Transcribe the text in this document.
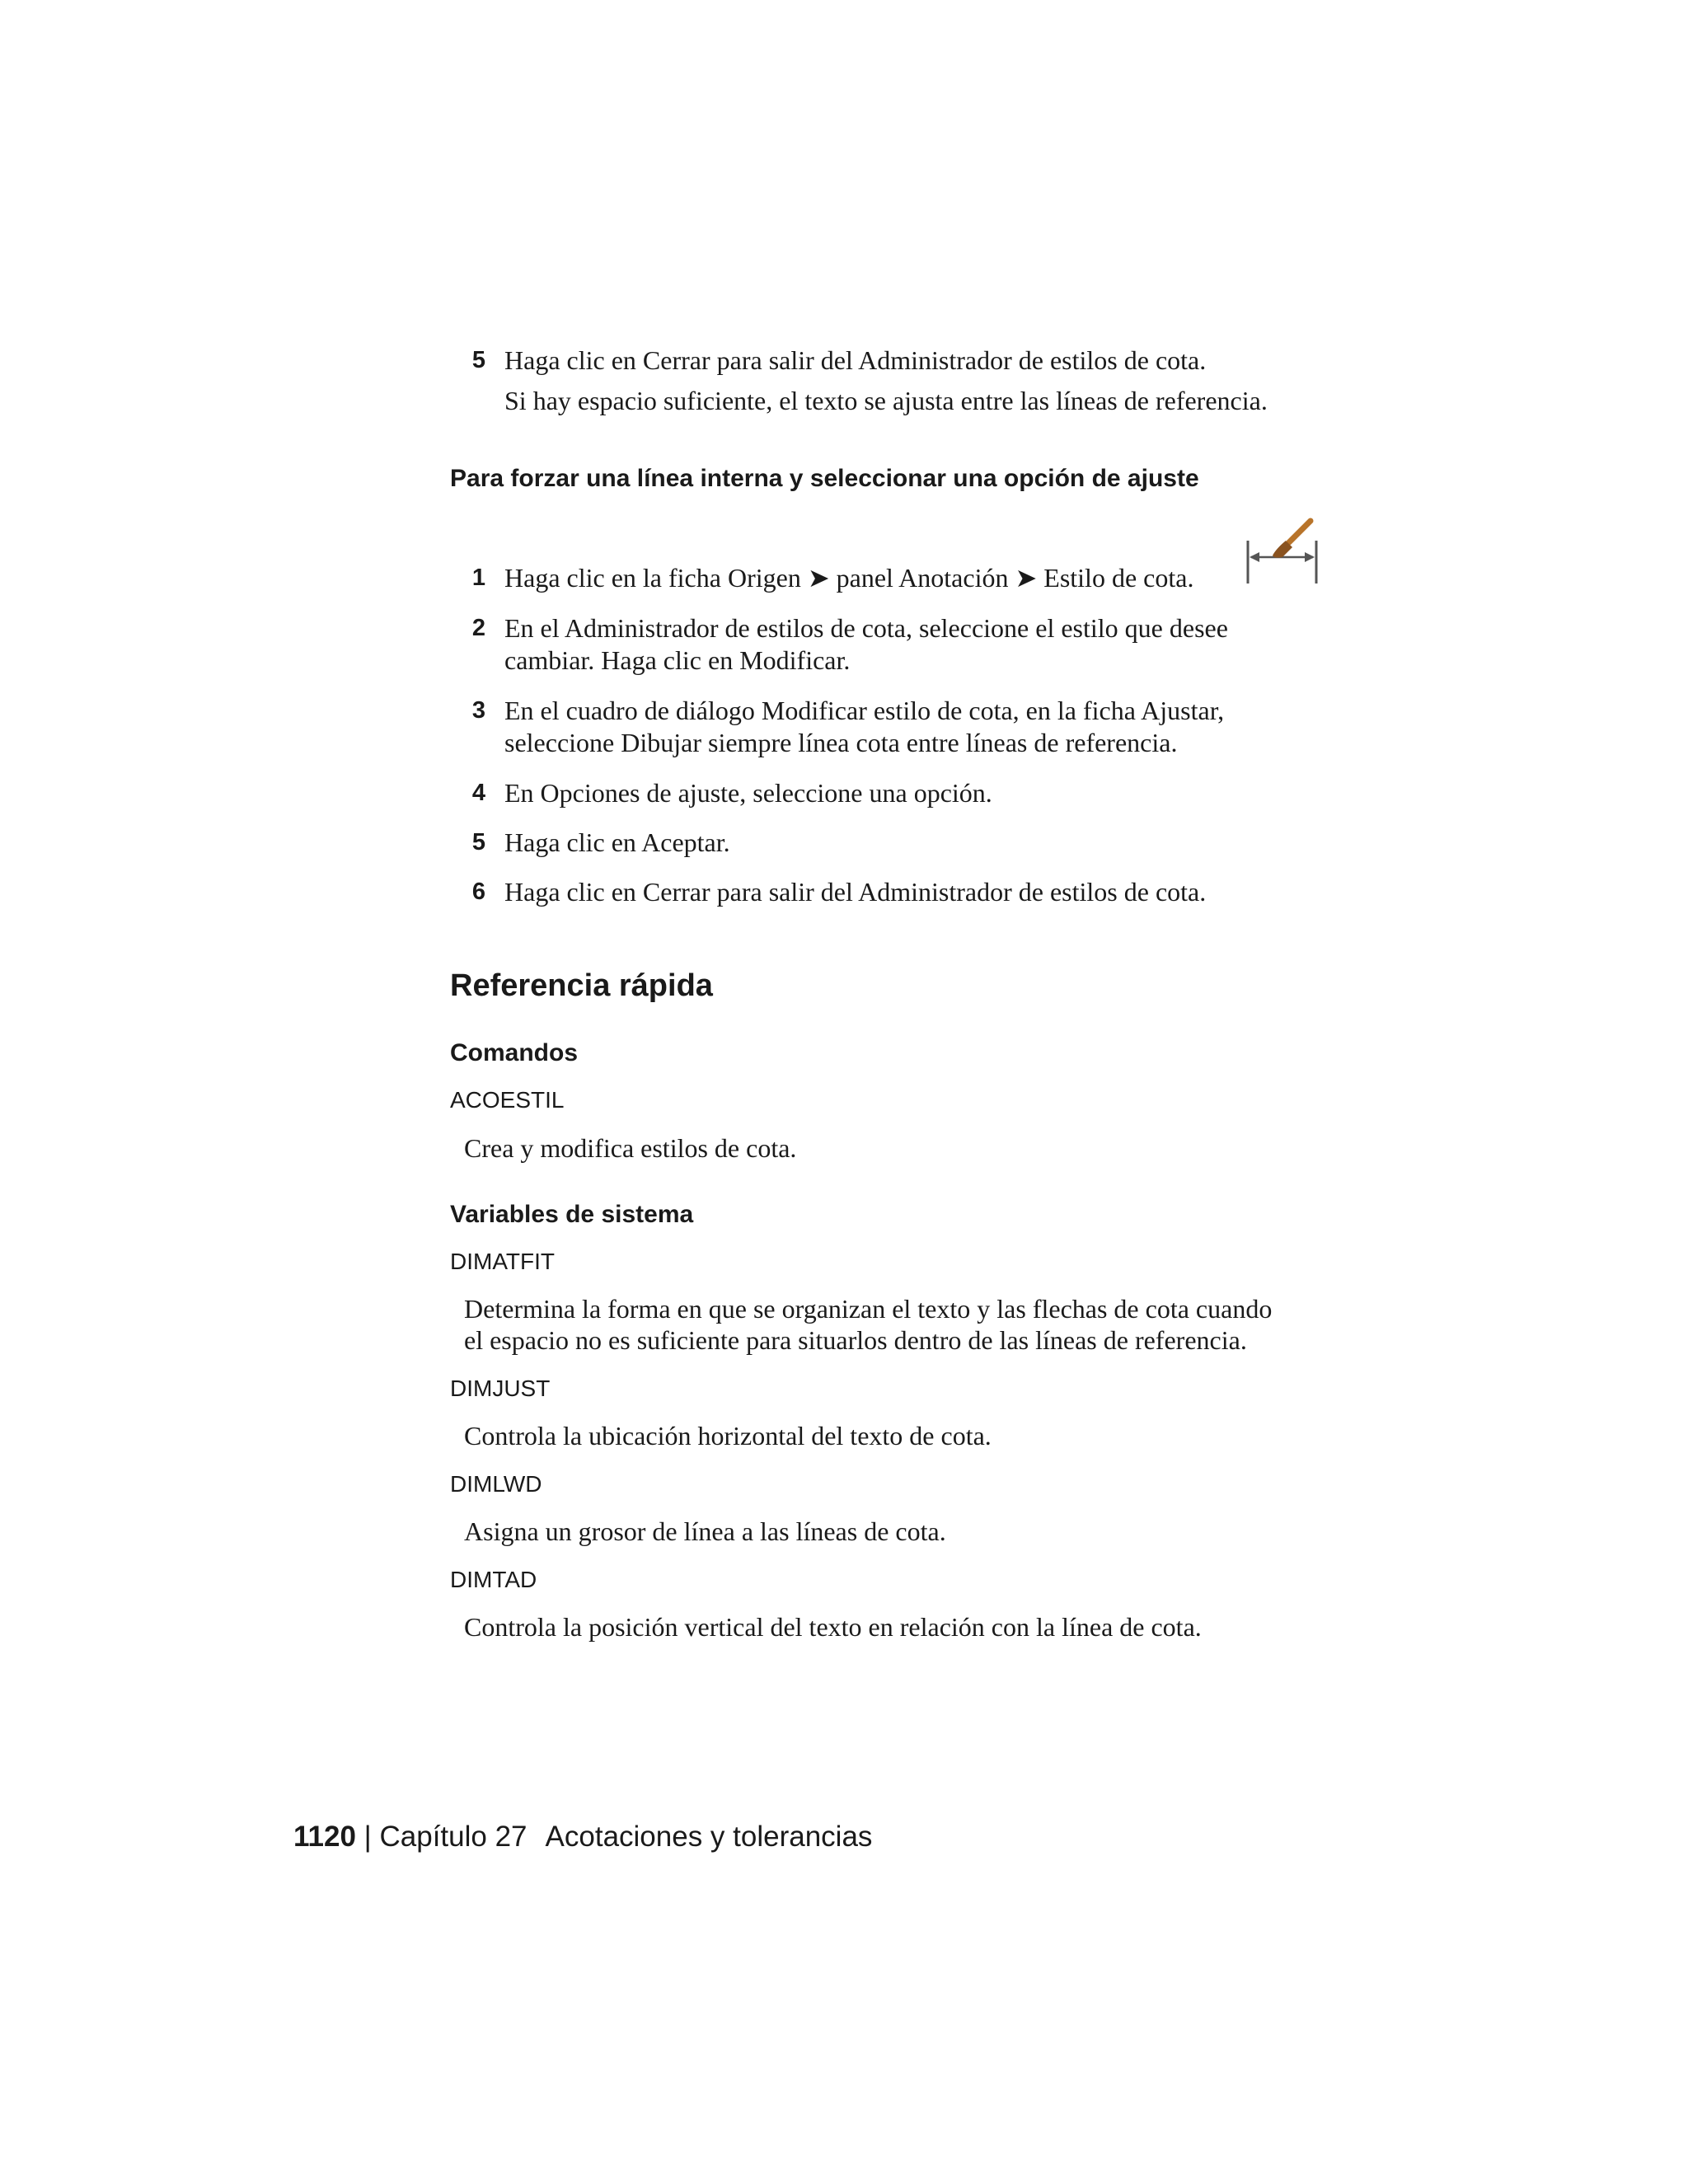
5 Haga clic en Cerrar para salir del Administrador de estilos de cota.
Si hay espacio suficiente, el texto se ajusta entre las líneas de referencia.
Para forzar una línea interna y seleccionar una opción de ajuste
1 Haga clic en la ficha Origen ➤ panel Anotación ➤ Estilo de cota.
2 En el Administrador de estilos de cota, seleccione el estilo que desee
cambiar. Haga clic en Modificar.
3 En el cuadro de diálogo Modificar estilo de cota, en la ficha Ajustar,
seleccione Dibujar siempre línea cota entre líneas de referencia.
4 En Opciones de ajuste, seleccione una opción.
5 Haga clic en Aceptar.
6 Haga clic en Cerrar para salir del Administrador de estilos de cota.
Referencia rápida
Comandos
ACOESTIL
Crea y modifica estilos de cota.
Variables de sistema
DIMATFIT
Determina la forma en que se organizan el texto y las flechas de cota cuando
el espacio no es suficiente para situarlos dentro de las líneas de referencia.
DIMJUST
Controla la ubicación horizontal del texto de cota.
DIMLWD
Asigna un grosor de línea a las líneas de cota.
DIMTAD
Controla la posición vertical del texto en relación con la línea de cota.
1120 | Capítulo 27 Acotaciones y tolerancias
